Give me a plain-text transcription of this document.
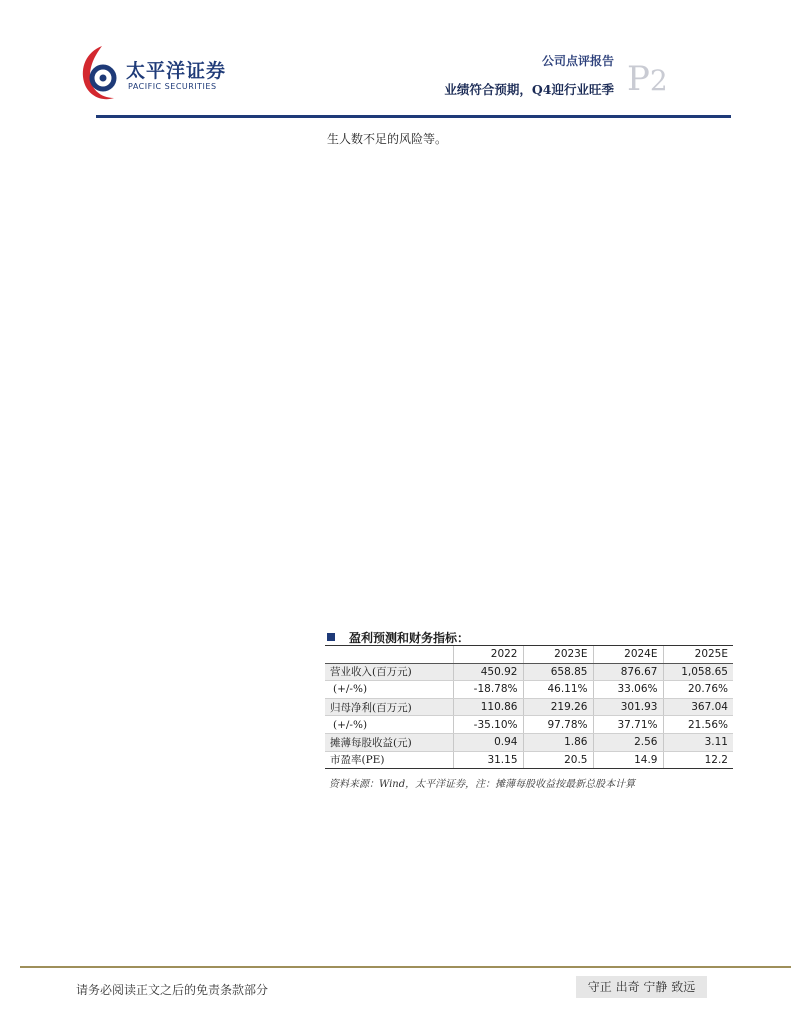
太平洋证券
PACIFIC SECURITIES
公司点评报告
业绩符合预期，Q4迎行业旺季 P2
生人数不足的风险等。
盈利预测和财务指标：
	2022	2023E	2024E	2025E
营业收入(百万元)	450.92	658.85	876.67	1,058.65
(+/-%)	-18.78%	46.11%	33.06%	20.76%
归母净利(百万元)	110.86	219.26	301.93	367.04
(+/-%)	-35.10%	97.78%	37.71%	21.56%
摊薄每股收益(元)	0.94	1.86	2.56	3.11
市盈率(PE)	31.15	20.5	14.9	12.2
资料来源：Wind，太平洋证券，注：摊薄每股收益按最新总股本计算
请务必阅读正文之后的免责条款部分	守正 出奇 宁静 致远
